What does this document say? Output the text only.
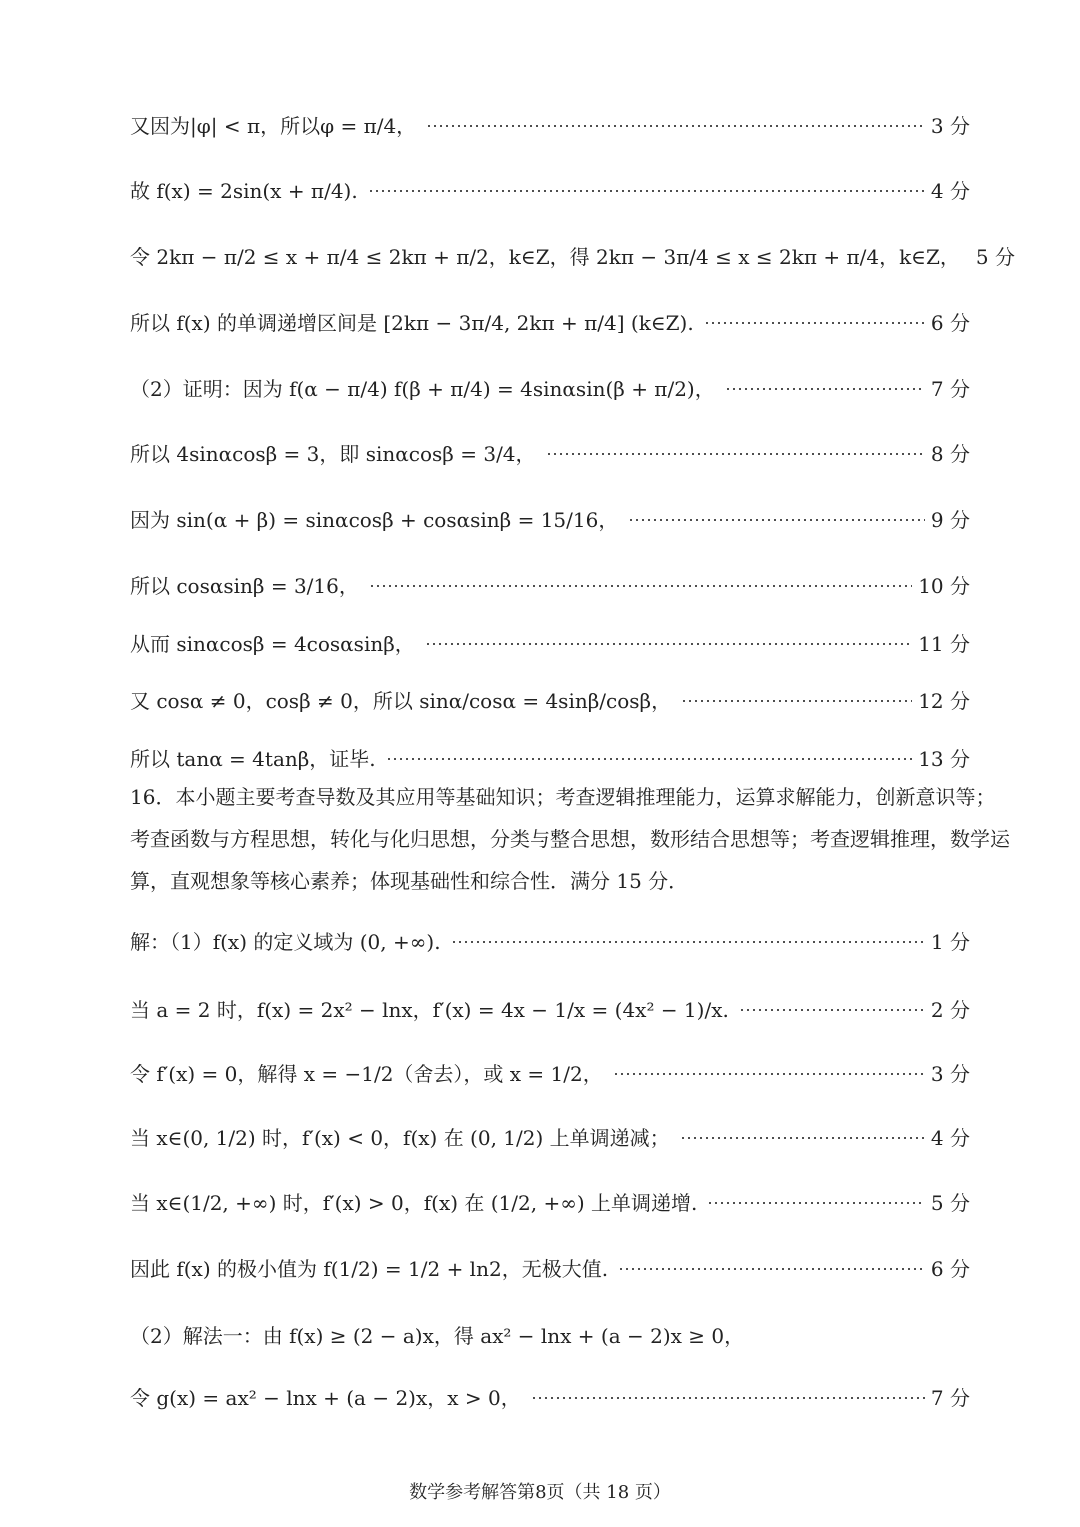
又因为|φ| < π，所以φ = π/4，	3 分
故 f(x) = 2sin(x + π/4).	4 分
令 2kπ − π/2 ≤ x + π/4 ≤ 2kπ + π/2，k∈Z，得 2kπ − 3π/4 ≤ x ≤ 2kπ + π/4，k∈Z， 5 分
所以 f(x) 的单调递增区间是 [2kπ − 3π/4, 2kπ + π/4] (k∈Z).	6 分
（2）证明：因为 f(α − π/4) f(β + π/4) = 4sinαsin(β + π/2)，	7 分
所以 4sinαcosβ = 3，即 sinαcosβ = 3/4，	8 分
因为 sin(α + β) = sinαcosβ + cosαsinβ = 15/16，	9 分
所以 cosαsinβ = 3/16，	10 分
从而 sinαcosβ = 4cosαsinβ，	11 分
又 cosα ≠ 0，cosβ ≠ 0，所以 sinα/cosα = 4sinβ/cosβ，	12 分
所以 tanα = 4tanβ，证毕.	13 分
16．本小题主要考查导数及其应用等基础知识；考查逻辑推理能力，运算求解能力，创新意识等；考查函数与方程思想，转化与化归思想，分类与整合思想，数形结合思想等；考查逻辑推理，数学运算，直观想象等核心素养；体现基础性和综合性．满分 15 分．
解：（1）f(x) 的定义域为 (0, +∞).	1 分
当 a = 2 时，f(x) = 2x² − lnx，f′(x) = 4x − 1/x = (4x² − 1)/x.	2 分
令 f′(x) = 0，解得 x = −1/2（舍去），或 x = 1/2，	3 分
当 x∈(0, 1/2) 时，f′(x) < 0，f(x) 在 (0, 1/2) 上单调递减；	4 分
当 x∈(1/2, +∞) 时，f′(x) > 0，f(x) 在 (1/2, +∞) 上单调递增.	5 分
因此 f(x) 的极小值为 f(1/2) = 1/2 + ln2，无极大值.	6 分
（2）解法一：由 f(x) ≥ (2 − a)x，得 ax² − lnx + (a − 2)x ≥ 0，
令 g(x) = ax² − lnx + (a − 2)x，x > 0，	7 分
数学参考解答第8页（共 18 页）
